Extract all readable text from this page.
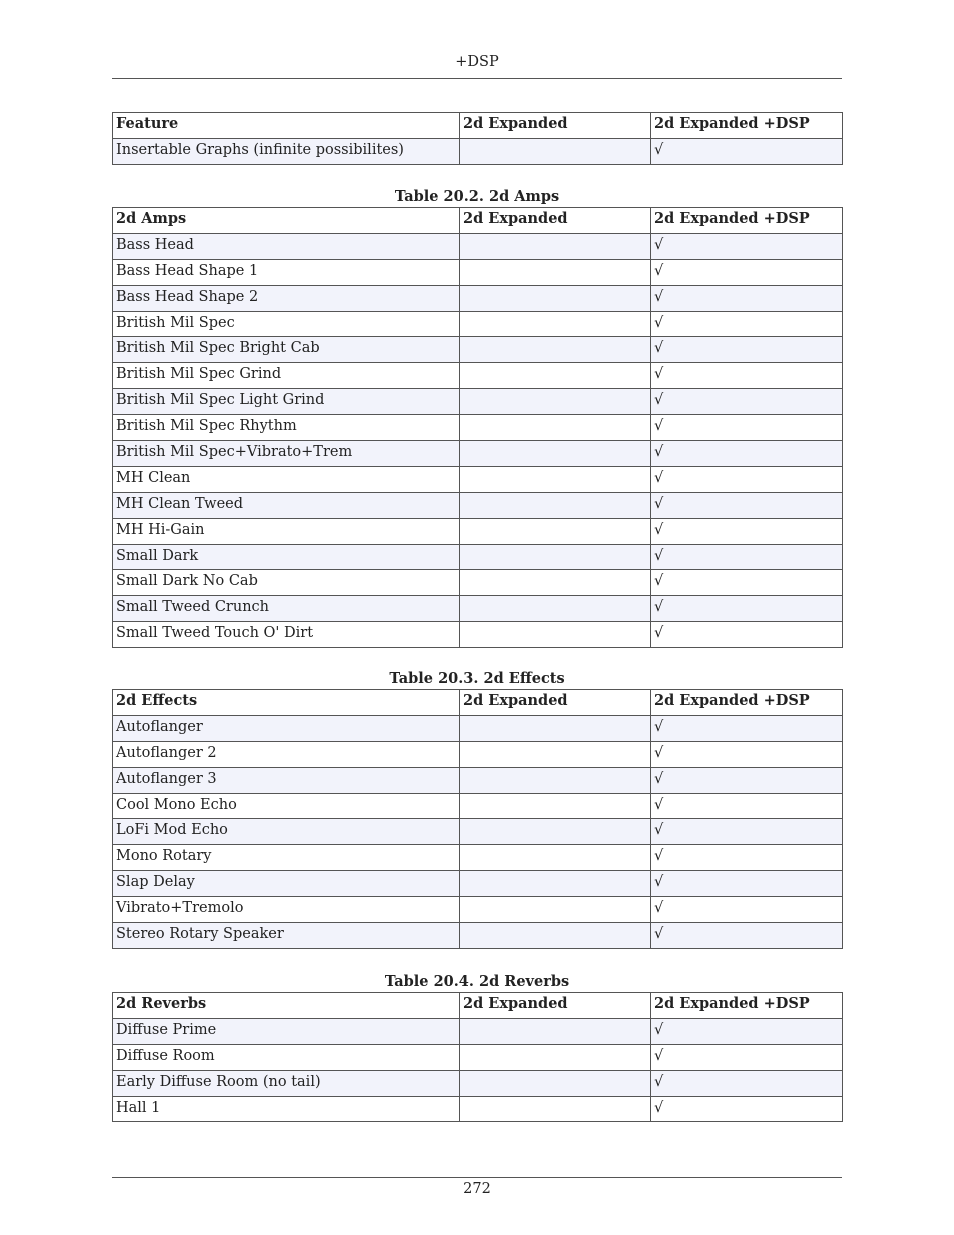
+DSP
Feature	2d Expanded	2d Expanded +DSP
Insertable Graphs (infinite possibilites)		√
Table 20.2. 2d Amps
2d Amps	2d Expanded	2d Expanded +DSP
Bass Head		√
Bass Head Shape 1		√
Bass Head Shape 2		√
British Mil Spec		√
British Mil Spec Bright Cab		√
British Mil Spec Grind		√
British Mil Spec Light Grind		√
British Mil Spec Rhythm		√
British Mil Spec+Vibrato+Trem		√
MH Clean		√
MH Clean Tweed		√
MH Hi-Gain		√
Small Dark		√
Small Dark No Cab		√
Small Tweed Crunch		√
Small Tweed Touch O' Dirt		√
Table 20.3. 2d Effects
2d Effects	2d Expanded	2d Expanded +DSP
Autoflanger		√
Autoflanger 2		√
Autoflanger 3		√
Cool Mono Echo		√
LoFi Mod Echo		√
Mono Rotary		√
Slap Delay		√
Vibrato+Tremolo		√
Stereo Rotary Speaker		√
Table 20.4. 2d Reverbs
2d Reverbs	2d Expanded	2d Expanded +DSP
Diffuse Prime		√
Diffuse Room		√
Early Diffuse Room (no tail)		√
Hall 1		√
272
